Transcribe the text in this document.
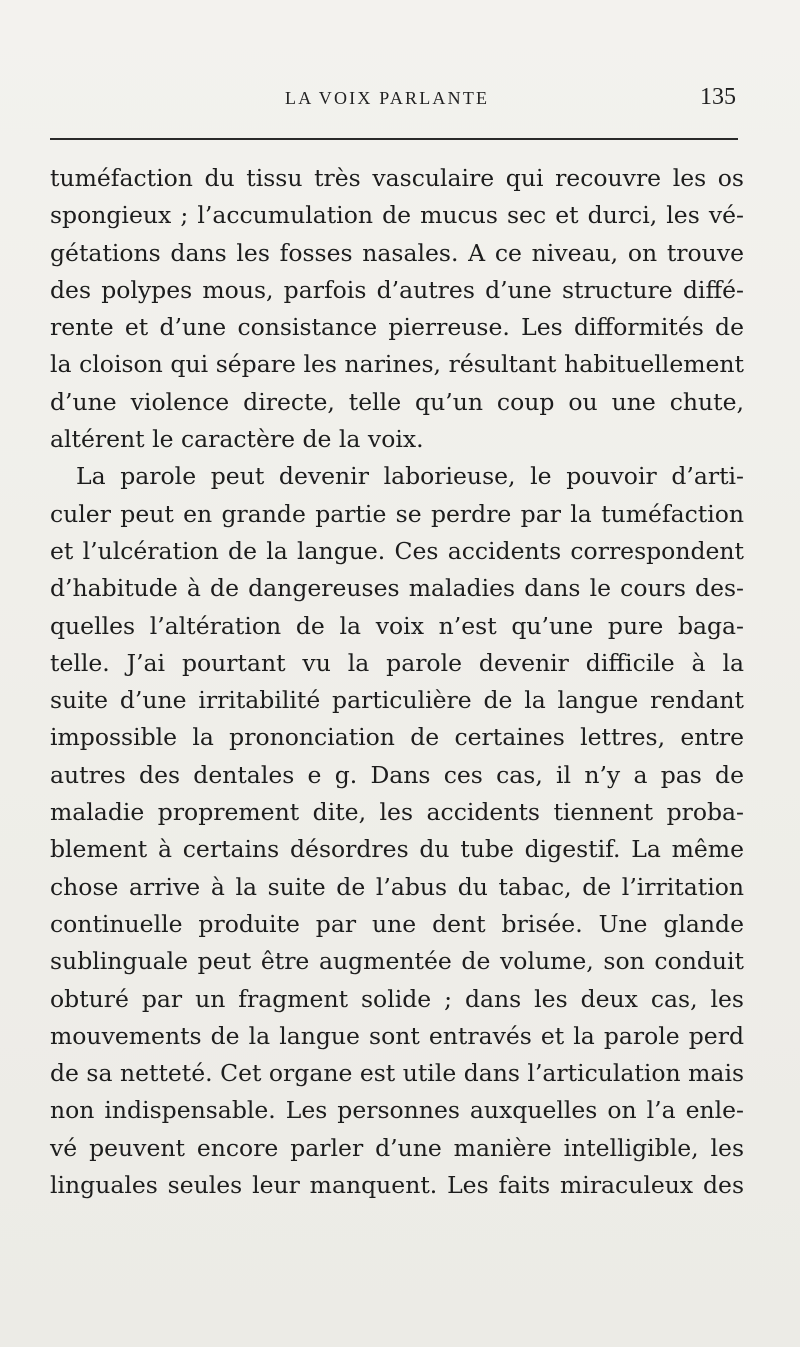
LA VOIX PARLANTE	135
tuméfaction du tissu très vasculaire qui recouvre les os
spongieux ; l’accumulation de mucus sec et durci, les vé-
gétations dans les fosses nasales. A ce niveau, on trouve
des polypes mous, parfois d’autres d’une structure diffé-
rente et d’une consistance pierreuse. Les difformités de
la cloison qui sépare les narines, résultant habituellement
d’une violence directe, telle qu’un coup ou une chute,
altérent le caractère de la voix.
La parole peut devenir laborieuse, le pouvoir d’arti-
culer peut en grande partie se perdre par la tuméfaction
et l’ulcération de la langue. Ces accidents correspondent
d’habitude à de dangereuses maladies dans le cours des-
quelles l’altération de la voix n’est qu’une pure baga-
telle. J’ai pourtant vu la parole devenir difficile à la
suite d’une irritabilité particulière de la langue rendant
impossible la prononciation de certaines lettres, entre
autres des dentales e g. Dans ces cas, il n’y a pas de
maladie proprement dite, les accidents tiennent proba-
blement à certains désordres du tube digestif. La même
chose arrive à la suite de l’abus du tabac, de l’irritation
continuelle produite par une dent brisée. Une glande
sublinguale peut être augmentée de volume, son conduit
obturé par un fragment solide ; dans les deux cas, les
mouvements de la langue sont entravés et la parole perd
de sa netteté. Cet organe est utile dans l’articulation mais
non indispensable. Les personnes auxquelles on l’a enle-
vé peuvent encore parler d’une manière intelligible, les
linguales seules leur manquent. Les faits miraculeux des
